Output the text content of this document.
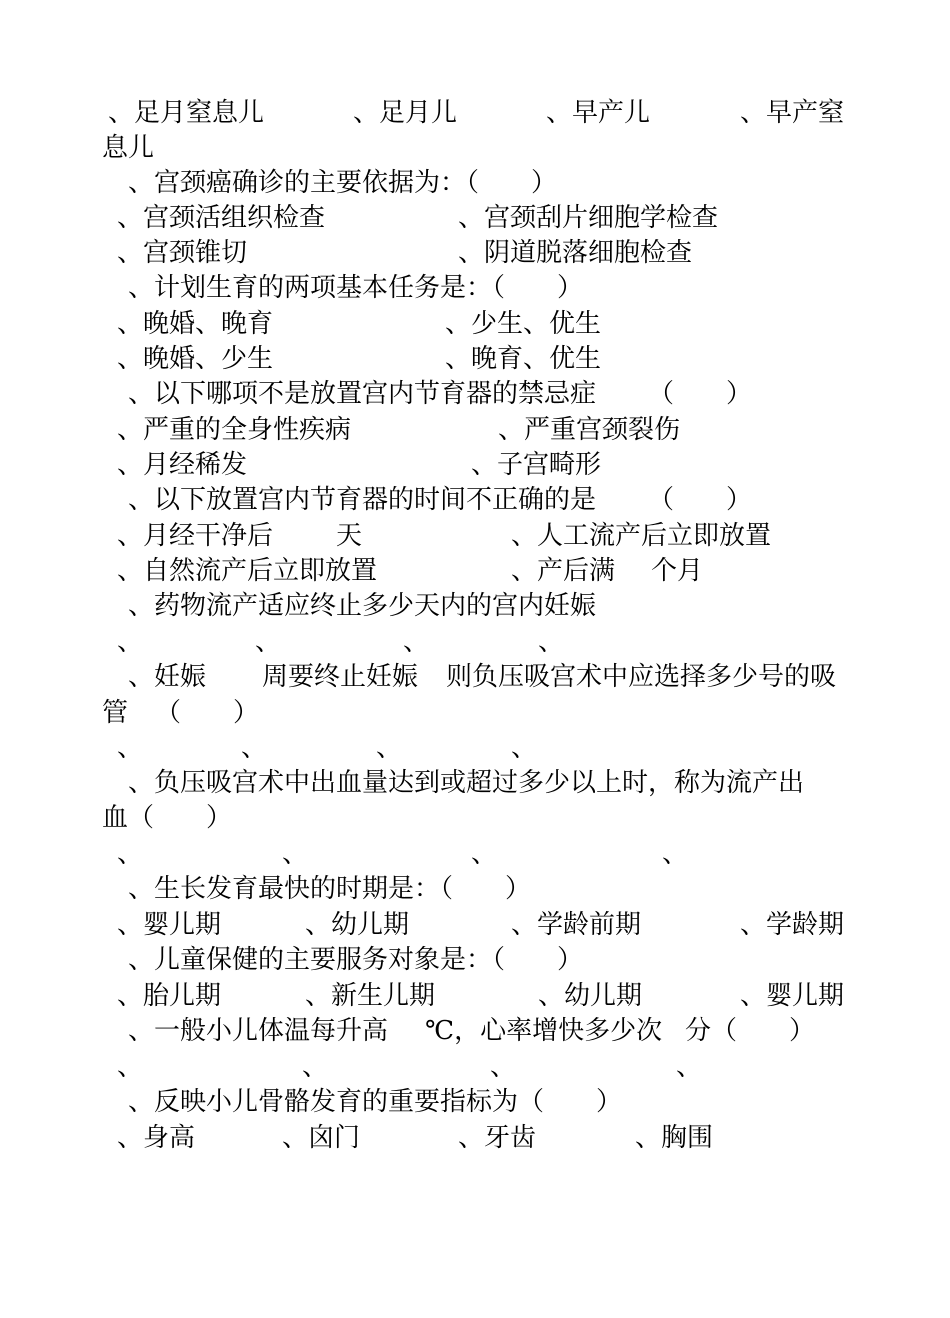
、足月窒息儿	、足月儿	、早产儿	、早产窒
息儿
、宫颈癌确诊的主要依据为：（　　）
、宫颈活组织检查	、宫颈刮片细胞学检查
、宫颈锥切	、阴道脱落细胞检查
、计划生育的两项基本任务是：（　　）
、晚婚、晚育	、少生、优生
、晚婚、少生	、晚育、优生
、以下哪项不是放置宫内节育器的禁忌症 （　　）
、严重的全身性疾病	、严重宫颈裂伤
、月经稀发	、子宫畸形
、以下放置宫内节育器的时间不正确的是 （　　）
、月经干净后 天	、人工流产后立即放置
、自然流产后立即放置	、产后满 个月
、药物流产适应终止多少天内的宫内妊娠
、	、	、	、
、妊娠 周要终止妊娠 则负压吸宫术中应选择多少号的吸
管 （　　）
、	、	、	、
、负压吸宫术中出血量达到或超过多少以上时，称为流产出
血（　　）
、	、	、	、
、生长发育最快的时期是：（　　）
、婴儿期	、幼儿期	、学龄前期	、学龄期
、儿童保健的主要服务对象是：（　　）
、胎儿期	、新生儿期	、幼儿期	、婴儿期
、一般小儿体温每升高 ℃，心率增快多少次 分（　　）
、	、	、	、
、反映小儿骨骼发育的重要指标为（　　）
、身高	、囟门	、牙齿	、胸围
